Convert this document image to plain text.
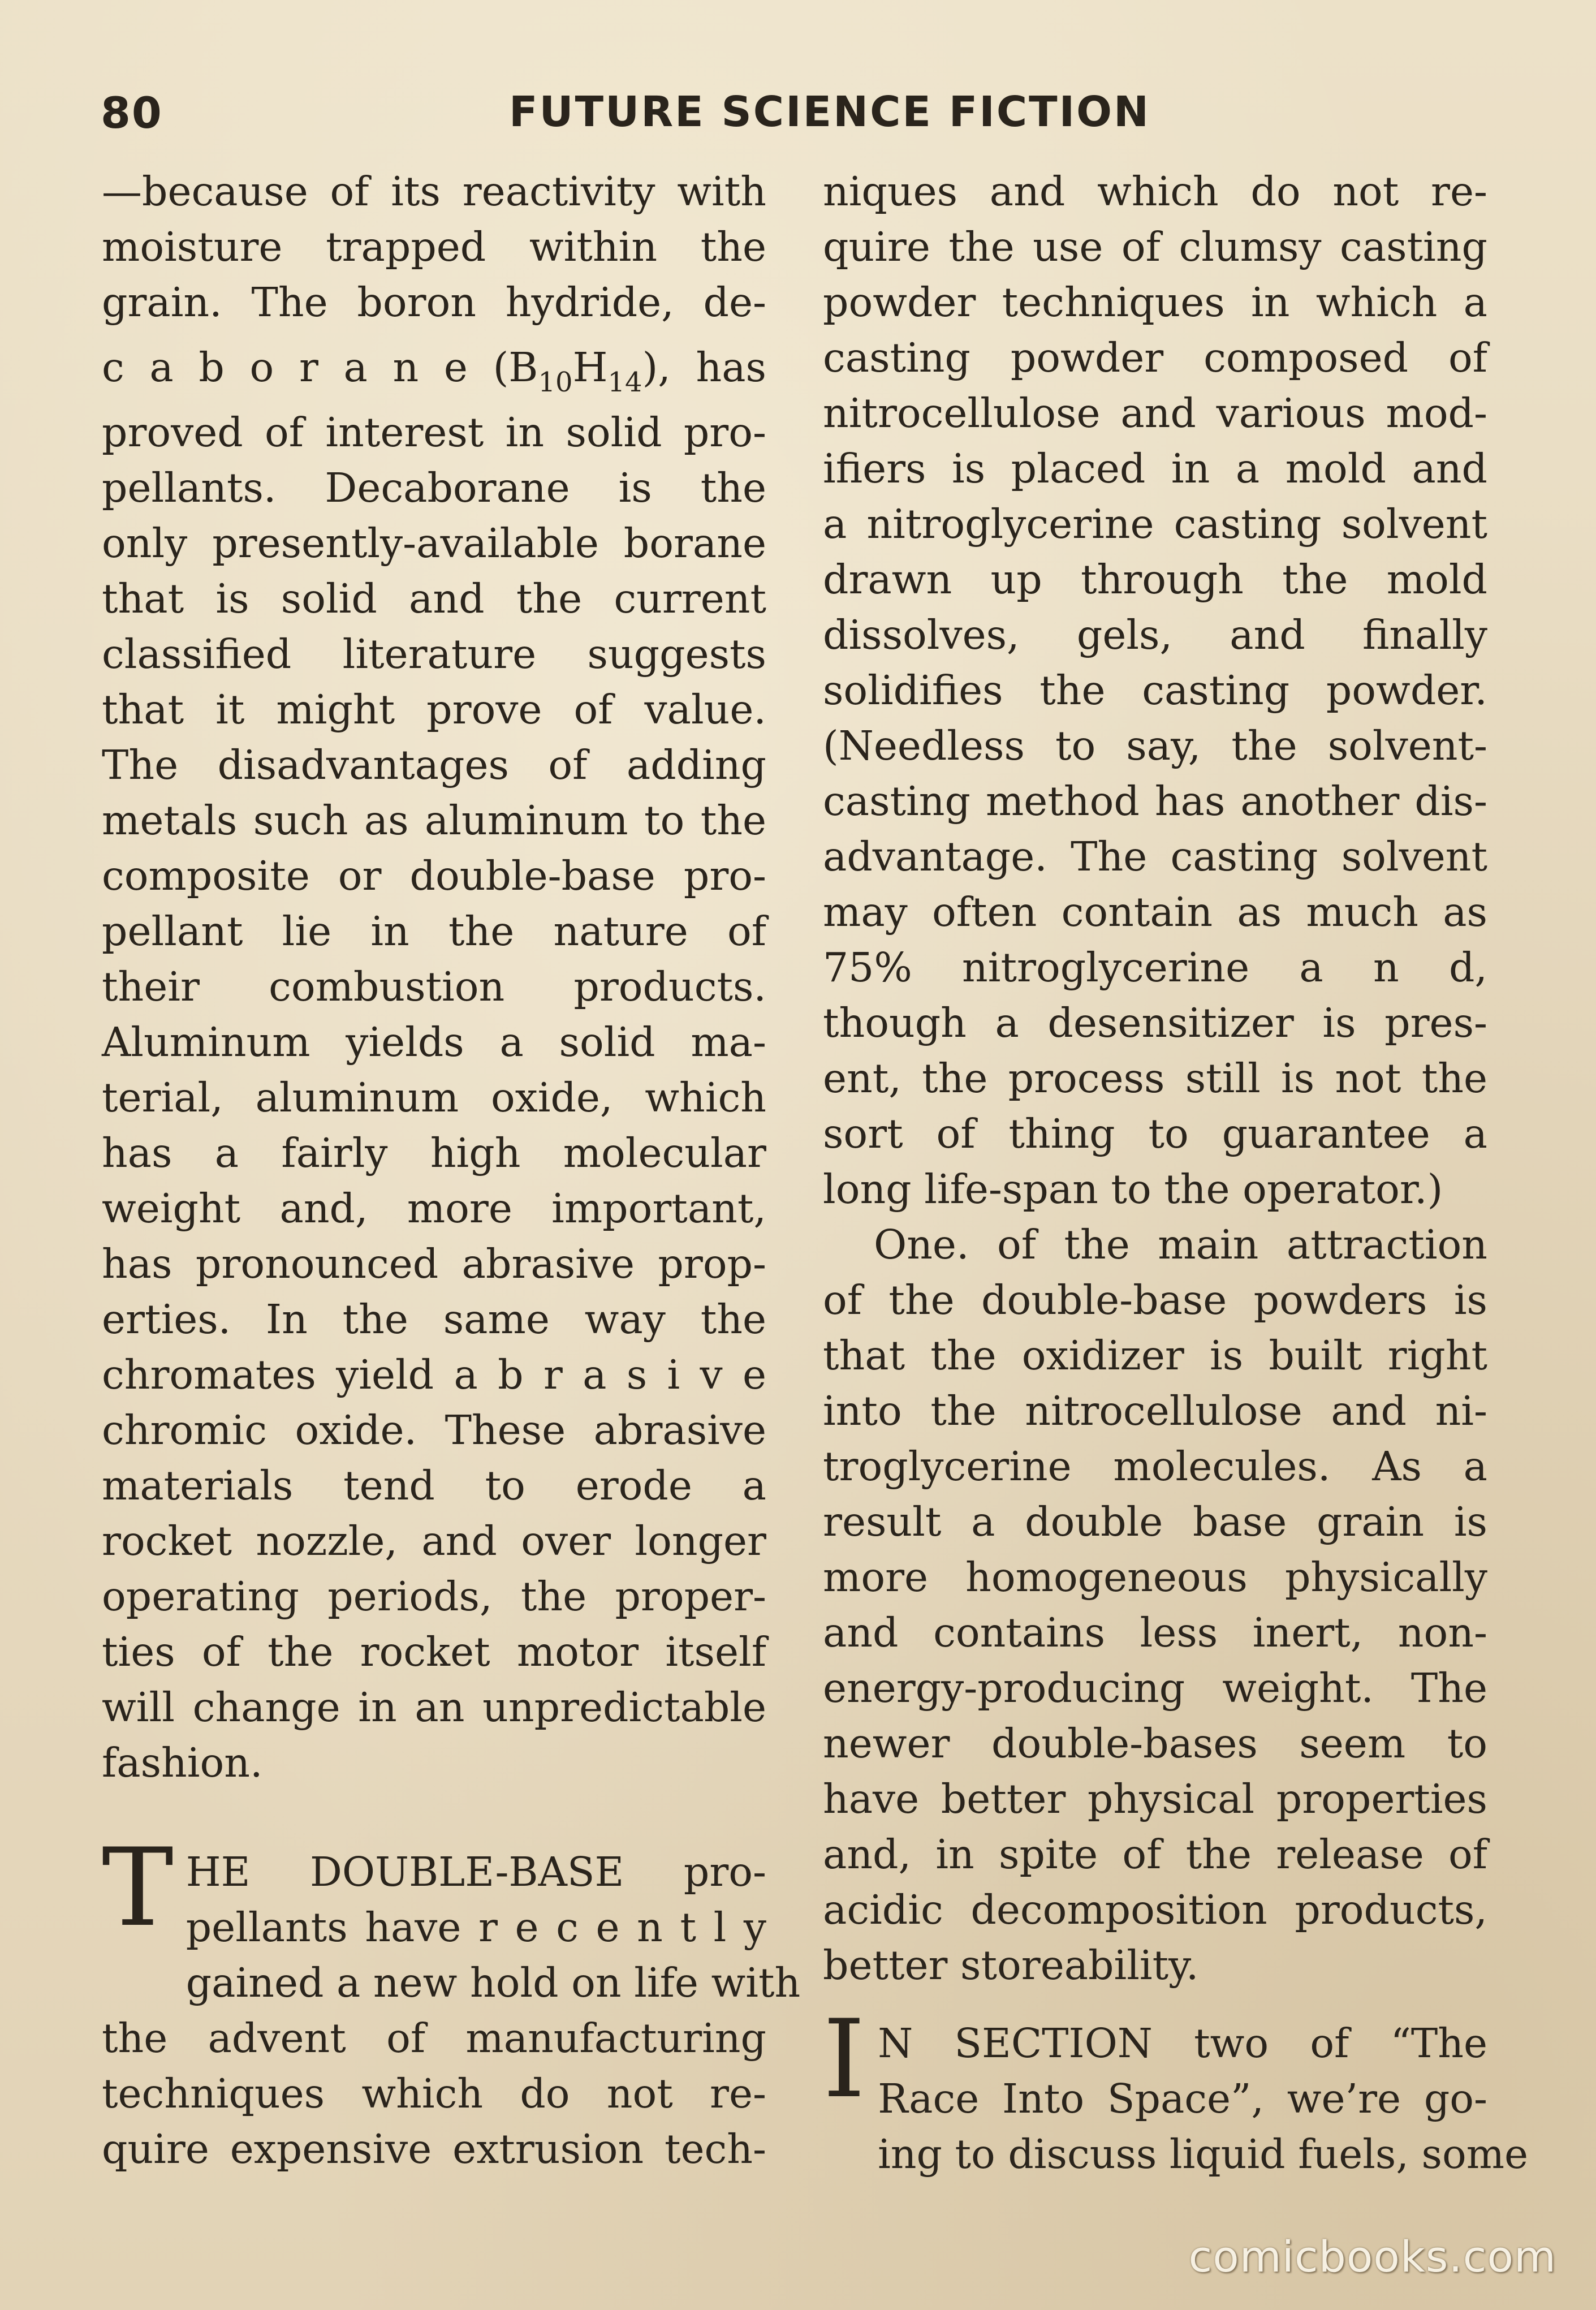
80	FUTURE SCIENCE FICTION
—because of its reactivity with
moisture trapped within the
grain. The boron hydride, de-
c a b o r a n e $(B_{10}H_{14})$, has
proved of interest in solid pro-
pellants. Decaborane is the
only presently-available borane
that is solid and the current
classified literature suggests
that it might prove of value.
The disadvantages of adding
metals such as aluminum to the
composite or double-base pro-
pellant lie in the nature of
their combustion products.
Aluminum yields a solid ma-
terial, aluminum oxide, which
has a fairly high molecular
weight and, more important,
has pronounced abrasive prop-
erties. In the same way the
chromates yield a b r a s i v e
chromic oxide. These abrasive
materials tend to erode a
rocket nozzle, and over longer
operating periods, the proper-
ties of the rocket motor itself
will change in an unpredictable
fashion.
T HE DOUBLE-BASE pro-
pellants have r e c e n t l y
gained a new hold on life with
the advent of manufacturing
techniques which do not re-
quire expensive extrusion tech-
niques and which do not re-
quire the use of clumsy casting
powder techniques in which a
casting powder composed of
nitrocellulose and various mod-
ifiers is placed in a mold and
a nitroglycerine casting solvent
drawn up through the mold
dissolves, gels, and finally
solidifies the casting powder.
(Needless to say, the solvent-
casting method has another dis-
advantage. The casting solvent
may often contain as much as
75% nitroglycerine a n d,
though a desensitizer is pres-
ent, the process still is not the
sort of thing to guarantee a
long life-span to the operator.)
One. of the main attraction
of the double-base powders is
that the oxidizer is built right
into the nitrocellulose and ni-
troglycerine molecules. As a
result a double base grain is
more homogeneous physically
and contains less inert, non-
energy-producing weight. The
newer double-bases seem to
have better physical properties
and, in spite of the release of
acidic decomposition products,
better storeability.
I N SECTION two of “The
Race Into Space”, we’re go-
ing to discuss liquid fuels, some
comicbooks.com
